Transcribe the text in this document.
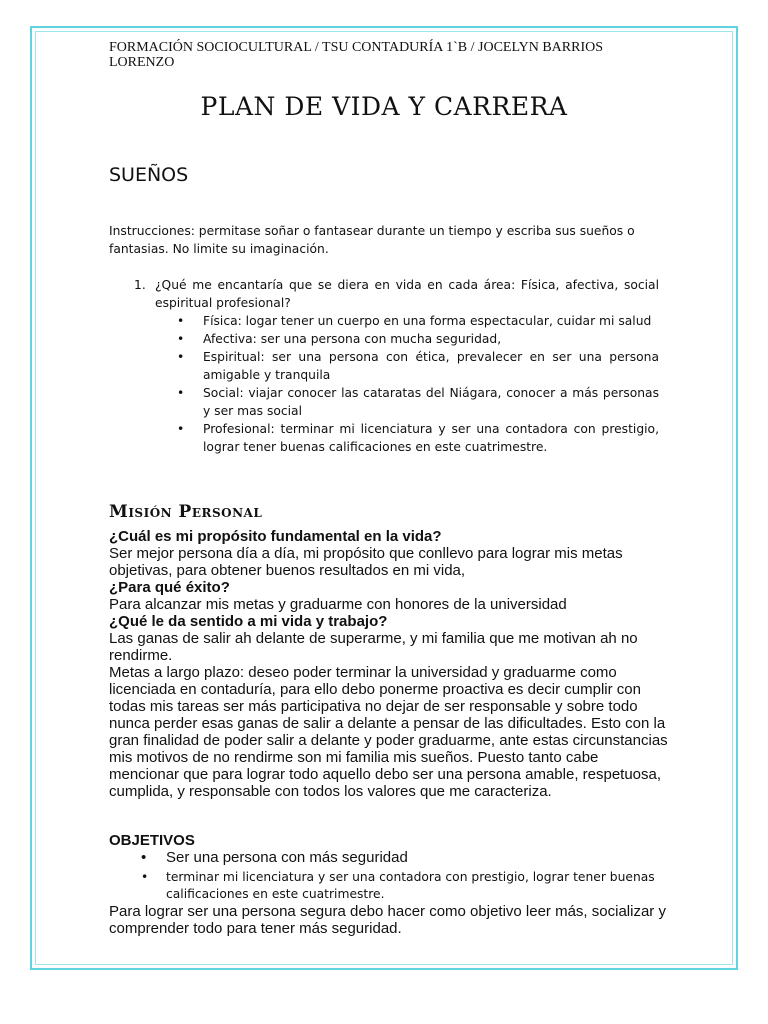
FORMACIÓN SOCIOCULTURAL / TSU CONTADURÍA 1`B / JOCELYN BARRIOS LORENZO
PLAN DE VIDA Y CARRERA
SUEÑOS
Instrucciones: permitase soñar o fantasear durante un tiempo y escriba sus sueños o fantasias. No limite su imaginación.
1. ¿Qué me encantaría que se diera en vida en cada área: Física, afectiva, social espiritual profesional?
• Física: logar tener un cuerpo en una forma espectacular, cuidar mi salud
• Afectiva: ser una persona con mucha seguridad,
• Espiritual: ser una persona con ética, prevalecer en ser una persona amigable y tranquila
• Social: viajar conocer las cataratas del Niágara, conocer a más personas y ser mas social
• Profesional: terminar mi licenciatura y ser una contadora con prestigio, lograr tener buenas calificaciones en este cuatrimestre.
Misión Personal
¿Cuál es mi propósito fundamental en la vida?
Ser mejor persona día a día, mi propósito que conllevo para lograr mis metas objetivas, para obtener buenos resultados en mi vida,
¿Para qué éxito?
Para alcanzar mis metas y graduarme con honores de la universidad
¿Qué le da sentido a mi vida y trabajo?
Las ganas de salir ah delante de superarme, y mi familia que me motivan ah no rendirme.
Metas a largo plazo: deseo poder terminar la universidad y graduarme como licenciada en contaduría, para ello debo ponerme proactiva es decir cumplir con todas mis tareas ser más participativa no dejar de ser responsable y sobre todo nunca perder esas ganas de salir a delante a pensar de las dificultades. Esto con la gran finalidad de poder salir a delante y poder graduarme, ante estas circunstancias mis motivos de no rendirme son mi familia mis sueños. Puesto tanto cabe mencionar que para lograr todo aquello debo ser una persona amable, respetuosa, cumplida, y responsable con todos los valores que me caracteriza.
OBJETIVOS
• Ser una persona con más seguridad
• terminar mi licenciatura y ser una contadora con prestigio, lograr tener buenas calificaciones en este cuatrimestre.
Para lograr ser una persona segura debo hacer como objetivo leer más, socializar y comprender todo para tener más seguridad.
